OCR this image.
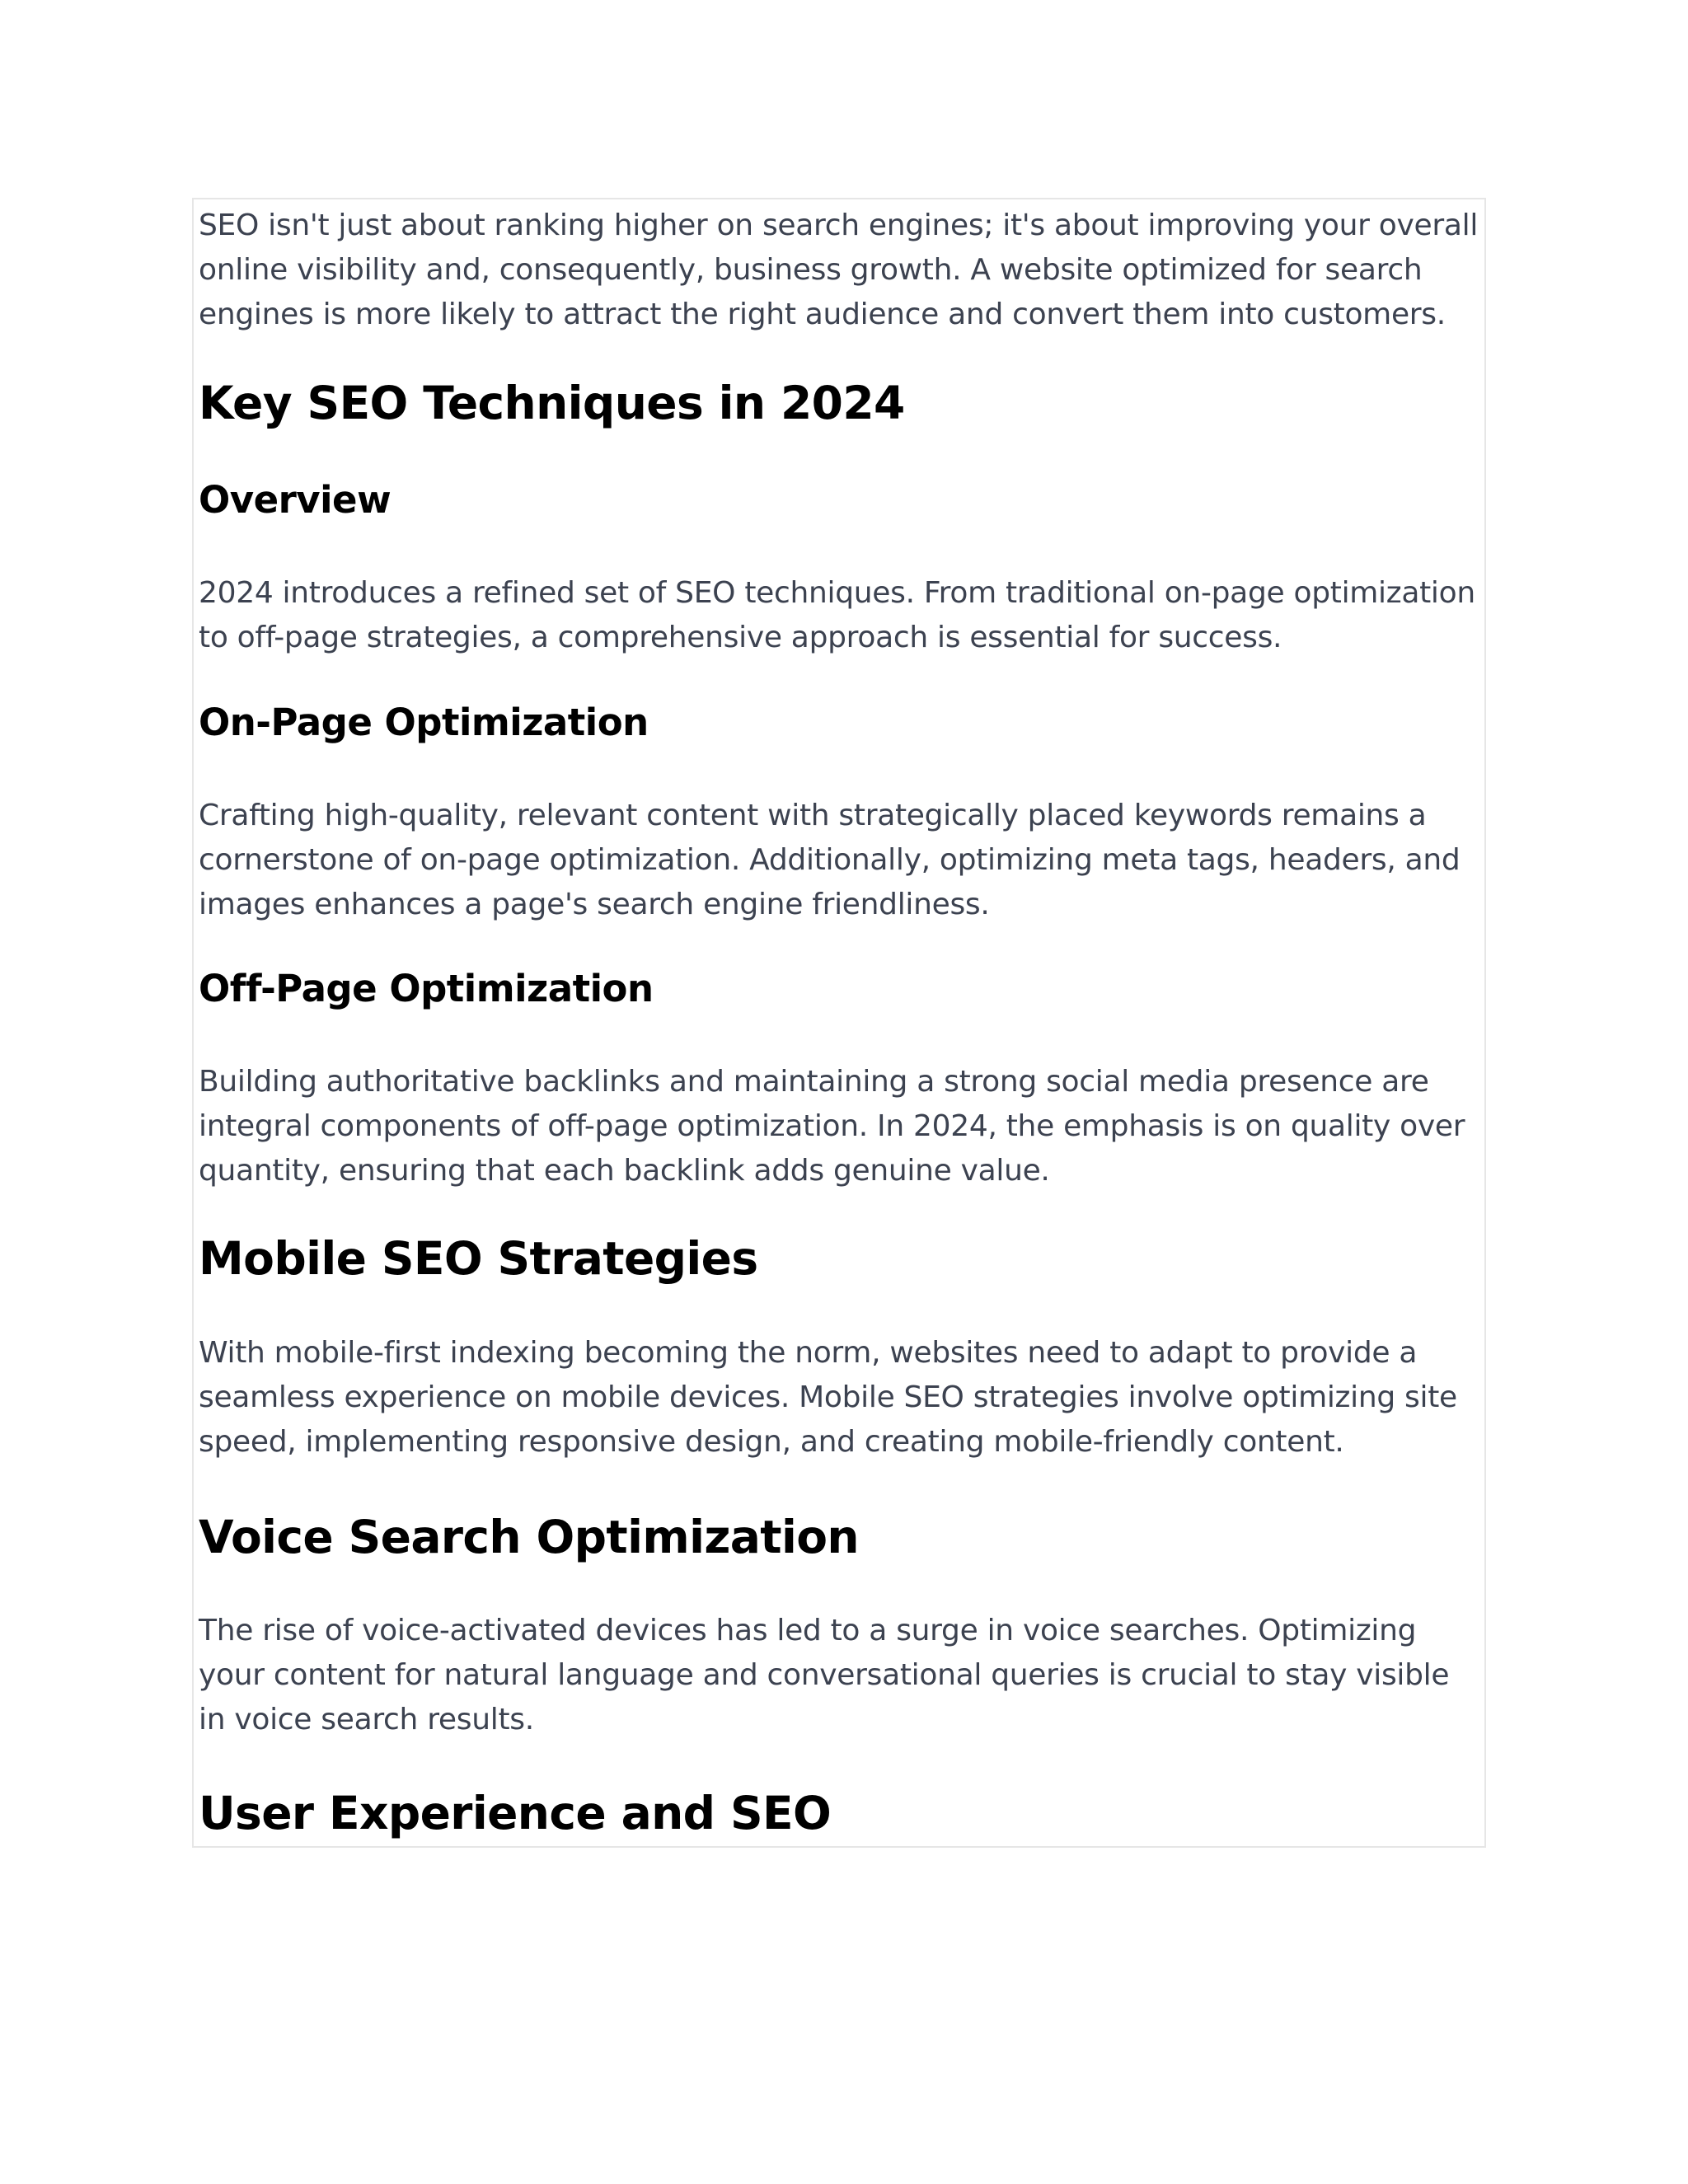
SEO isn't just about ranking higher on search engines; it's about improving your overall online visibility and, consequently, business growth. A website optimized for search engines is more likely to attract the right audience and convert them into customers.

Key SEO Techniques in 2024
Overview

2024 introduces a refined set of SEO techniques. From traditional on-page optimization to off-page strategies, a comprehensive approach is essential for success.

On-Page Optimization

Crafting high-quality, relevant content with strategically placed keywords remains a cornerstone of on-page optimization. Additionally, optimizing meta tags, headers, and images enhances a page's search engine friendliness.

Off-Page Optimization

Building authoritative backlinks and maintaining a strong social media presence are integral components of off-page optimization. In 2024, the emphasis is on quality over quantity, ensuring that each backlink adds genuine value.

Mobile SEO Strategies

With mobile-first indexing becoming the norm, websites need to adapt to provide a seamless experience on mobile devices. Mobile SEO strategies involve optimizing site speed, implementing responsive design, and creating mobile-friendly content.

Voice Search Optimization

The rise of voice-activated devices has led to a surge in voice searches. Optimizing your content for natural language and conversational queries is crucial to stay visible in voice search results.

User Experience and SEO
